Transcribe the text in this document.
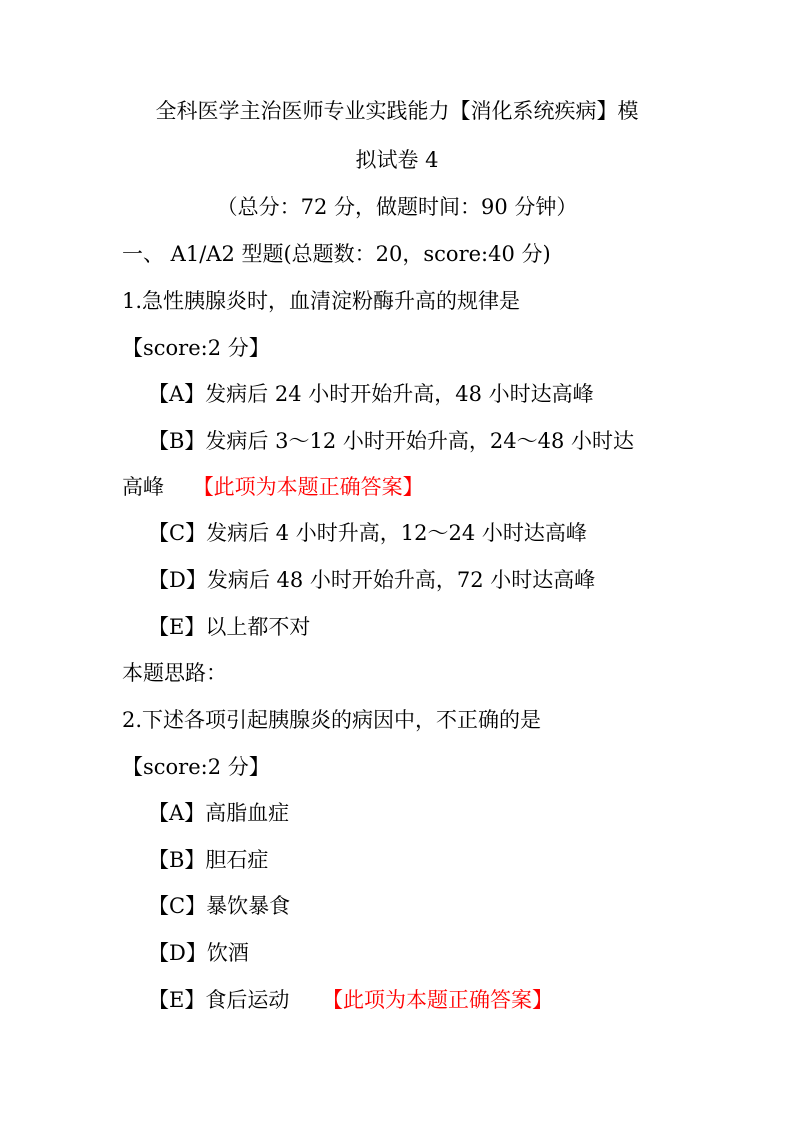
全科医学主治医师专业实践能力【消化系统疾病】模
拟试卷 4
（总分：72 分，做题时间：90 分钟）
一、 A1/A2 型题(总题数：20，score:40 分)
1.急性胰腺炎时，血清淀粉酶升高的规律是
【score:2 分】
【A】发病后 24 小时开始升高，48 小时达高峰
【B】发病后 3～12 小时开始升高，24～48 小时达
高峰 【此项为本题正确答案】
【C】发病后 4 小时升高，12～24 小时达高峰
【D】发病后 48 小时开始升高，72 小时达高峰
【E】以上都不对
本题思路：
2.下述各项引起胰腺炎的病因中，不正确的是
【score:2 分】
【A】高脂血症
【B】胆石症
【C】暴饮暴食
【D】饮酒
【E】食后运动 【此项为本题正确答案】
